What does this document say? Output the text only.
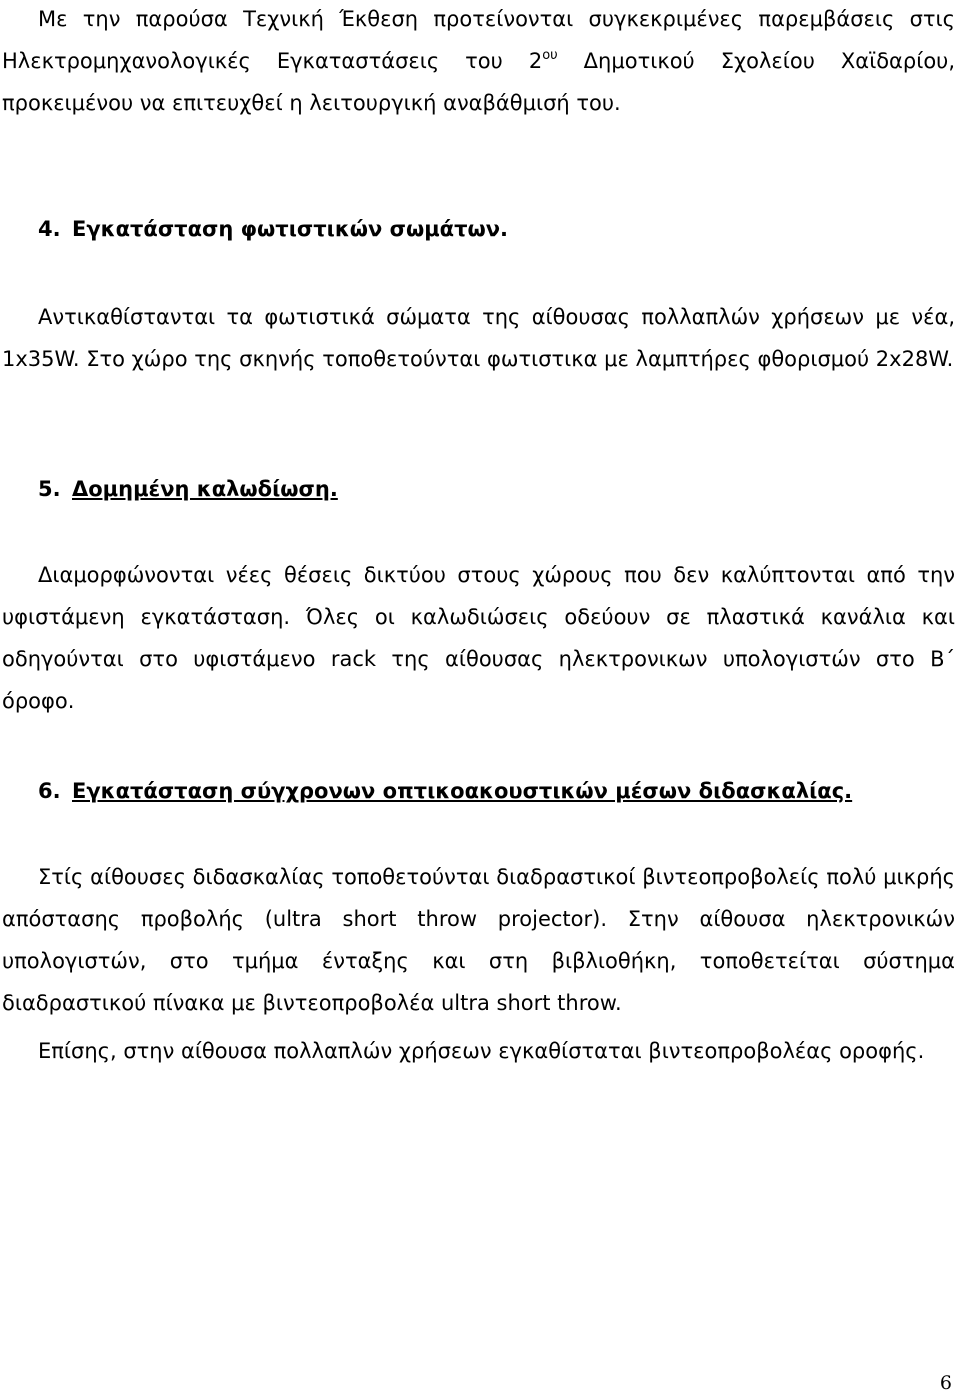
Με την παρούσα Τεχνική Έκθεση προτείνονται συγκεκριμένες παρεμβάσεις στις Ηλεκτρομηχανολογικές Εγκαταστάσεις του $2^{o\upsilon}$ Δημοτικού Σχολείου Χαϊδαρίου, προκειμένου να επιτευχθεί η λειτουργική αναβάθμισή του.

4. Εγκατάσταση φωτιστικών σωμάτων.

Αντικαθίστανται τα φωτιστικά σώματα της αίθουσας πολλαπλών χρήσεων με νέα, 1x35W. Στο χώρο της σκηνής τοποθετούνται φωτιστικα με λαμπτήρες φθορισμού 2x28W.

5. Δομημένη καλωδίωση.

Διαμορφώνονται νέες θέσεις δικτύου στους χώρους που δεν καλύπτονται από την υφιστάμενη εγκατάσταση. Όλες οι καλωδιώσεις οδεύουν σε πλαστικά κανάλια και οδηγούνται στο υφιστάμενο rack της αίθουσας ηλεκτρονικων υπολογιστών στο Β΄ όροφο.

6. Εγκατάσταση σύγχρονων οπτικοακουστικών μέσων διδασκαλίας.

Στίς αίθουσες διδασκαλίας τοποθετούνται διαδραστικοί βιντεοπροβολείς πολύ μικρής απόστασης προβολής (ultra short throw projector). Στην αίθουσα ηλεκτρονικών υπολογιστών, στο τμήμα ένταξης και στη βιβλιοθήκη, τοποθετείται σύστημα διαδραστικού πίνακα με βιντεοπροβολέα ultra short throw.

Επίσης, στην αίθουσα πολλαπλών χρήσεων εγκαθίσταται βιντεοπροβολέας οροφής.

6
